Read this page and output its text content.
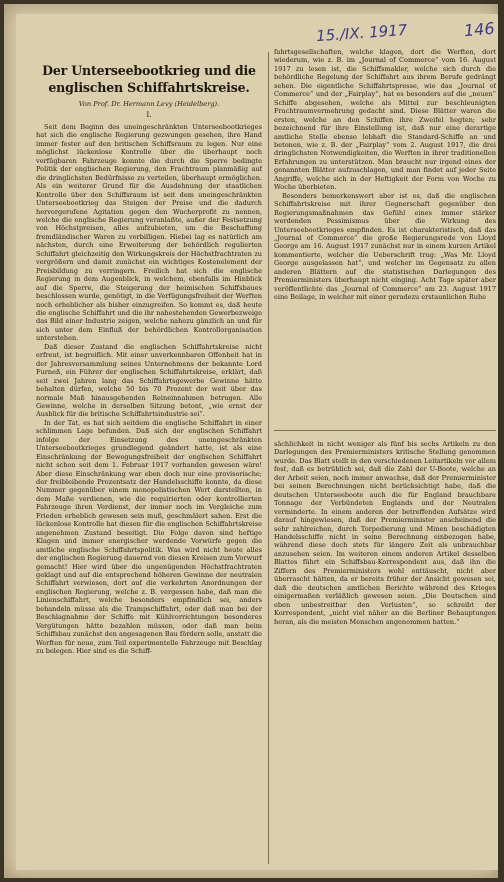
15./IX. 1917	146
Der Unterseebootkrieg und die englischen Schiffahrtskreise.
Von Prof. Dr. Hermann Levy (Heidelberg).
I.

Seit dem Beginn des uneingeschränkten Unterseebootkrieges hat sich die englische Regierung gezwungen gesehen, ihre Hand immer fester auf den britischen Schiffsraum zu legen. Nur eine möglichst lückenlose Kontrolle über die überhaupt noch verfügbaren Fahrzeuge konnte die durch die Sperre bedingte Politik der englischen Regierung, den Frachtraum planmäßig auf die dringlichsten Bedürfnisse zu verteilen, überhaupt ermöglichen. Als ein weiterer Grund für die Ausdehnung der staatlichen Kontrolle über den Schiffsraum ist seit dem uneingeschränkten Unterseebootkrieg das Steigen der Preise und die dadurch hervorgerufene Agitation gegen den Wucherprofit zu nennen, welche die englische Regierung veranlaßte, außer der Festsetzung von Höchstpreisen, alles aufzubieten, um die Beschaffung fremdländischer Waren zu verbilligen. Hiebei lag es natürlich am nächsten, durch eine Erweiterung der behördlich regulierten Schiffahrt gleichzeitig den Wirkungskreis der Höchstfrachtraten zu vergrößern und damit zunächst ein wichtiges Kostenelement der Preisbildung zu verringern. Freilich hat sich die englische Regierung in dem Augenblick, in welchem, ebenfalls im Hinblick auf die Sperre, die Steigerung der heimischen Schiffsbaues beschlossen wurde, genötigt, in die Verfügungsfreiheit der Werften noch erheblicher als bisher einzugreifen. So kommt es, daß heute die englische Schiffahrt und die ihr nahestehenden Gewerbezweige das Bild einer Industrie zeigen, welche nahezu gänzlich an und für sich unter dem Einfluß der behördlichen Kontrollorganisation unterstehen.

Daß dieser Zustand die englischen Schiffahrtskreise nicht erfreut, ist begreiflich. Mit einer unverkennbaren Offenheit hat in der Jahresversammlung seines Unternehmens der bekannte Lord Furneß, ein Führer der englischen Schiffahrtskreise, erklärt, daß seit zwei Jahren lang das Schiffahrtsgewerbe Gewinne hätte behalten dürfen, welche 50 bis 70 Prozent der weit über das normale Maß hinausgehenden Reineinnahmen betrugen. Alle Gewinne, welche in derselben Sitzung betont, „wie ernst der Ausblick für die britische Schiffahrtsindustrie sei“.

In der Tat, es hat sich seitdem die englische Schiffahrt in einer schlimmen Lage befunden. Daß sich der englischen Schiffahrt infolge der Einsetzung des uneingeschränkten Unterseebootkrieges grundlegend geändert hatte, ist als eine Einschränkung der Bewegungsfreiheit der englischen Schiffahrt nicht schon seit dem 1. Februar 1917 vorhanden gewesen wäre! Aber diese Einschränkung war eben doch nur eine provisorische; der freibleibende Prozentsatz der Handelsschiffe konnte, da diese Nummer gegenüber einem monopolistischen Wert darstellten, in dem Maße verdienen, wie die requirierten oder kontrollierten Fahrzeuge ihren Verdienst, der immer noch im Vergleiche zum Frieden erheblich gewesen sein muß, geschmälert sahen. Erst die lückenlose Kontrolle hat diesen für die englischen Schiffahrtskreise angenehmen Zustand beseitigt. Die Folge davon sind heftige Klagen und immer energischer werdende Vorwürfe gegen die amtliche englische Schiffahrtspolitik. Was wird nicht heute alles der englischen Regierung dauernd von diesen Kreisen zum Vorwurf gemacht! Hier wird über die ungenügenden Höchstfrachtraten geklagt und auf die entsprechend höheren Gewinne der neutralen Schiffahrt verwiesen, dort auf die verkehrten Anordnungen der englischen Regierung, welche z. B. vergessen habe, daß man die Linienschiffahrt, welche besonders empfindlich sei, anders behandeln müsse als die Trampschiffahrt, oder daß man bei der Beschlagnahme der Schiffe mit Kühlvorrichtungen besonderes Vergütungen hätte bezahlen müssen, oder daß man beim Schiffsbau zunächst den angesagenen Bau fördern solle, anstatt die Werften für neue, zum Teil experimentelle Fahrzeuge mit Beschlag zu belegen. Hier sind es die Schiff-

fahrtsgesellschaften, welche klagen, dort die Werften, dort wiederum, wie z. B. im „Journal of Commerce“ vom 16. August 1917 zu lesen ist, die Schiffsmakler, welche sich durch die behördliche Regelung der Schiffahrt aus ihrem Berufe gedrängt sehen. Die eigentliche Schiffahrtspresse, wie das „Journal of Commerce“ und der „Fairplay“, hat es besonders auf die „neuen“ Schiffe abgesehen, welche als Mittel zur beschleunigten Frachtraumvermehrung gedacht sind. Diese Blätter waren die ersten, welche an den Schiffen ihre Zweifel hegten; sehr bezeichnend für ihre Einstellung ist, daß nur eine derartige amtliche Stelle ebenso lebhaft die Standard-Schiffe an und betonen, wie z. B. der „Fairplay“ vom 2. August 1917, die drei dringlichsten Notwendigkeiten, die Werften in ihrer traditionellen Erfahrungen zu unterstützen. Man braucht nur irgend eines der genannten Blätter aufzuschlagen, und man findet auf jeder Seite Angriffe, welche sich in der Heftigkeit der Form von Woche zu Woche überbieten.

Besonders bemerkenswert aber ist es, daß die englischen Schiffahrtskreise mit ihrer Gegnerschaft gegenüber den Regierungsmaßnahmen das Gefühl eines immer stärker werdenden Pessimismus über die Wirkung des Unterseebootkrieges empfinden. Es ist charakteristisch, daß das „Journal of Commerce“ die große Regierungsrede von Lloyd George am 16. August 1917 zunächst nur in einem kurzen Artikel kommentierte, welcher die Ueberschrift trug: „Was Mr. Lloyd George ausgelassen hat“, und welcher im Gegensatz zu allen anderen Blättern auf die statistischen Darlegungen des Premierministers überhaupt nicht einging. Acht Tage später aber veröffentlichte das „Journal of Commerce“ am 23. August 1917 eine Beilage, in welcher mit einer geradezu erstaunlichen Ruhe

sächlichkeit in nicht weniger als fünf bis sechs Artikeln zu den Darlegungen des Premierministers kritische Stellung genommen wurde. Das Blatt stellt in den verschiedenen Leitartikeln vor allem fest, daß es betrüblich sei, daß die Zahl der U-Boote, welche an der Arbeit seien, noch immer anwachse, daß der Premierminister bei seinen Berechnungen nicht berücksichtigt habe, daß die deutschen Unterseeboote auch die für England brauchbare Tonnage der Verbündeten Englands und der Neutralen verminderte. In einem anderen der betreffenden Aufsätze wird darauf hingewiesen, daß der Premierminister anscheinend die sehr zahlreichen, durch Torpedierung und Minen beschädigten Handelsschiffe nicht in seine Berechnung einbezogen habe, während diese doch stets für längere Zeit als unbrauchbar anzusehen seien. Im weiteren einem anderen Artikel desselben Blattes führt ein Schiffsbau-Korrespondent aus, daß ihn die Ziffern des Premierministers wohl enttäuscht, nicht aber überrascht hätten, da er bereits früher der Ansicht gewesen sei, daß die deutschen amtlichen Berichte während des Krieges einigermaßen verläßlich gewesen seien. „Die Deutschen sind eben unbestreitbar den Verlusten“, so schreibt der Korrespondent, „nicht viel näher an die Berliner Behauptungen heran, als die meisten Menschen angenommen hatten.“
